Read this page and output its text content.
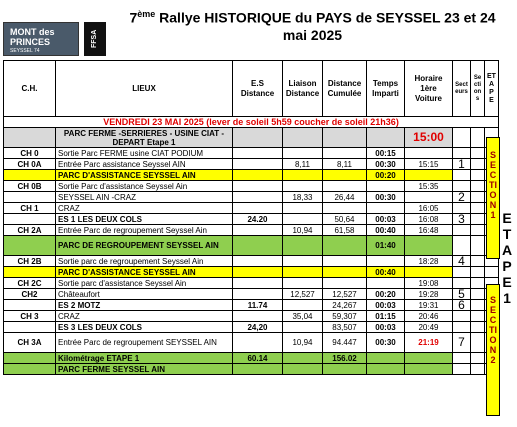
7ème Rallye HISTORIQUE du PAYS de SEYSSEL 23 et 24
mai 2025
MONT des
PRINCES
SEYSSEL 74
FFSA
C.H.	LIEUX	E.S Distance	Liaison Distance	Distance Cumulée	Temps Imparti	Horaire 1ère Voiture	Secteurs	Sections	ETAPE
VENDREDI 23 MAI 2025 (lever de soleil 5h59 coucher de soleil 21h36)									
	PARC FERME -SERRIERES - USINE CIAT - DEPART Etape 1					15:00			
CH 0	Sortie Parc FERME usine CIAT PODIUM				00:15				
CH 0A	Entrée Parc assistance Seyssel AIN		8,11	8,11	00:30	15:15	1		
	PARC D'ASSISTANCE SEYSSEL AIN				00:20				
CH 0B	Sortie Parc d'assistance Seyssel Ain					15:35			
	SEYSSEL AIN -CRAZ		18,33	26,44	00:30		2		
CH 1	CRAZ					16:05			
	ES 1 LES DEUX COLS	24.20		50,64	00:03	16:08	3		
CH 2A	Entrée Parc de regroupement Seyssel Ain		10,94	61,58	00:40	16:48			
	PARC DE REGROUPEMENT SEYSSEL AIN				01:40				
CH 2B	Sortie parc de regroupement Seyssel Ain					18:28	4		
	PARC D'ASSISTANCE SEYSSEL AIN				00:40				
CH 2C	Sortie parc d'assistance Seyssel Ain					19:08			
CH2	Châteaufort		12,527	12,527	00:20	19:28	5		
	ES 2 MOTZ	11.74		24,267	00:03	19:31	6		
CH 3	CRAZ		35,04	59,307	01:15	20:46			
	ES 3 LES DEUX COLS	24,20		83,507	00:03	20:49			
CH 3A	Entrée Parc de regroupement SEYSSEL AIN		10,94	94.447	00:30	21:19	7		
	Kilométrage ETAPE 1	60.14		156.02					
	PARC FERME SEYSSEL AIN								
SECTION 1
SECTION 2
ETAPE 1
